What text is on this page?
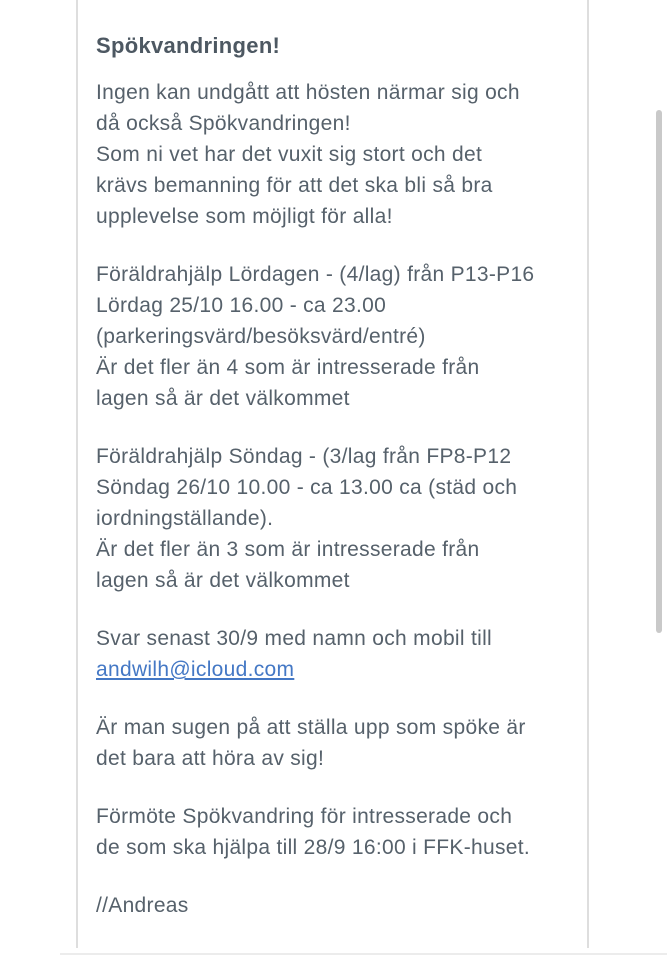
Spökvandringen!
Ingen kan undgått att hösten närmar sig och
då också Spökvandringen!
Som ni vet har det vuxit sig stort och det
krävs bemanning för att det ska bli så bra
upplevelse som möjligt för alla!
Föräldrahjälp Lördagen - (4/lag) från P13-P16
Lördag 25/10 16.00 - ca 23.00
(parkeringsvärd/besöksvärd/entré)
Är det fler än 4 som är intresserade från
lagen så är det välkommet
Föräldrahjälp Söndag - (3/lag från FP8-P12
Söndag 26/10 10.00 - ca 13.00 ca (städ och
iordningställande).
Är det fler än 3 som är intresserade från
lagen så är det välkommet
Svar senast 30/9 med namn och mobil till
andwilh@icloud.com
Är man sugen på att ställa upp som spöke är
det bara att höra av sig!
Förmöte Spökvandring för intresserade och
de som ska hjälpa till 28/9 16:00 i FFK-huset.
//Andreas
